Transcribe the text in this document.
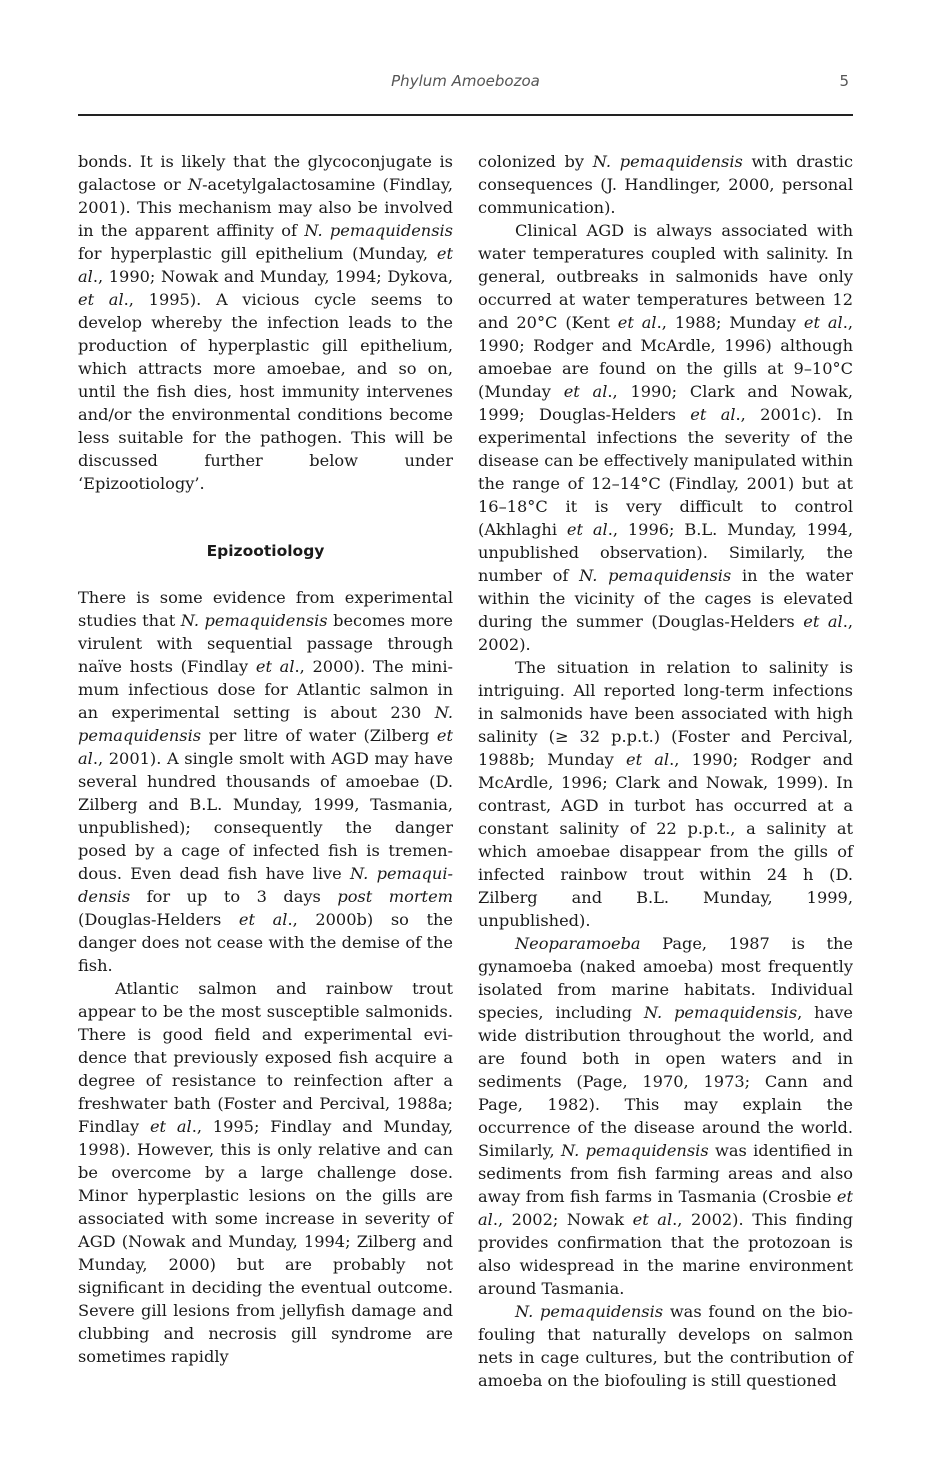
Phylum Amoebozoa	5

bonds. It is likely that the glycoconjugate is galactose or N-acetylgalactosamine (Findlay, 2001). This mechanism may also be involved in the apparent affinity of N. pemaquidensis for hyperplastic gill epithelium (Munday, et al., 1990; Nowak and Munday, 1994; Dykova, et al., 1995). A vicious cycle seems to develop whereby the infection leads to the production of hyperplastic gill epithelium, which attracts more amoebae, and so on, until the fish dies, host immunity intervenes and/or the environmental conditions become less suitable for the pathogen. This will be discussed further below under ‘Epizootiology’.

Epizootiology

There is some evidence from experimental studies that N. pemaquidensis becomes more virulent with sequential passage through naïve hosts (Findlay et al., 2000). The minimum infectious dose for Atlantic salmon in an experimental setting is about 230 N. pemaquidensis per litre of water (Zilberg et al., 2001). A single smolt with AGD may have several hundred thousands of amoebae (D. Zilberg and B.L. Munday, 1999, Tasmania, unpublished); consequently the danger posed by a cage of infected fish is tremendous. Even dead fish have live N. pemaquidensis for up to 3 days post mortem (Douglas-Helders et al., 2000b) so the danger does not cease with the demise of the fish.

Atlantic salmon and rainbow trout appear to be the most susceptible salmonids. There is good field and experimental evidence that previously exposed fish acquire a degree of resistance to reinfection after a freshwater bath (Foster and Percival, 1988a; Findlay et al., 1995; Findlay and Munday, 1998). However, this is only relative and can be overcome by a large challenge dose. Minor hyperplastic lesions on the gills are associated with some increase in severity of AGD (Nowak and Munday, 1994; Zilberg and Munday, 2000) but are probably not significant in deciding the eventual outcome. Severe gill lesions from jellyfish damage and clubbing and necrosis gill syndrome are sometimes rapidly

colonized by N. pemaquidensis with drastic consequences (J. Handlinger, 2000, personal communication).

Clinical AGD is always associated with water temperatures coupled with salinity. In general, outbreaks in salmonids have only occurred at water temperatures between 12 and 20°C (Kent et al., 1988; Munday et al., 1990; Rodger and McArdle, 1996) although amoebae are found on the gills at 9–10°C (Munday et al., 1990; Clark and Nowak, 1999; Douglas-Helders et al., 2001c). In experimental infections the severity of the disease can be effectively manipulated within the range of 12–14°C (Findlay, 2001) but at 16–18°C it is very difficult to control (Akhlaghi et al., 1996; B.L. Munday, 1994, unpublished observation). Similarly, the number of N. pemaquidensis in the water within the vicinity of the cages is elevated during the summer (Douglas-Helders et al., 2002).

The situation in relation to salinity is intriguing. All reported long-term infections in salmonids have been associated with high salinity (≥ 32 p.p.t.) (Foster and Percival, 1988b; Munday et al., 1990; Rodger and McArdle, 1996; Clark and Nowak, 1999). In contrast, AGD in turbot has occurred at a constant salinity of 22 p.p.t., a salinity at which amoebae disappear from the gills of infected rainbow trout within 24 h (D. Zilberg and B.L. Munday, 1999, unpublished).

Neoparamoeba Page, 1987 is the gynamoeba (naked amoeba) most frequently isolated from marine habitats. Individual species, including N. pemaquidensis, have wide distribution throughout the world, and are found both in open waters and in sediments (Page, 1970, 1973; Cann and Page, 1982). This may explain the occurrence of the disease around the world. Similarly, N. pemaquidensis was identified in sediments from fish farming areas and also away from fish farms in Tasmania (Crosbie et al., 2002; Nowak et al., 2002). This finding provides confirmation that the protozoan is also widespread in the marine environment around Tasmania.

N. pemaquidensis was found on the biofouling that naturally develops on salmon nets in cage cultures, but the contribution of amoeba on the biofouling is still questioned
